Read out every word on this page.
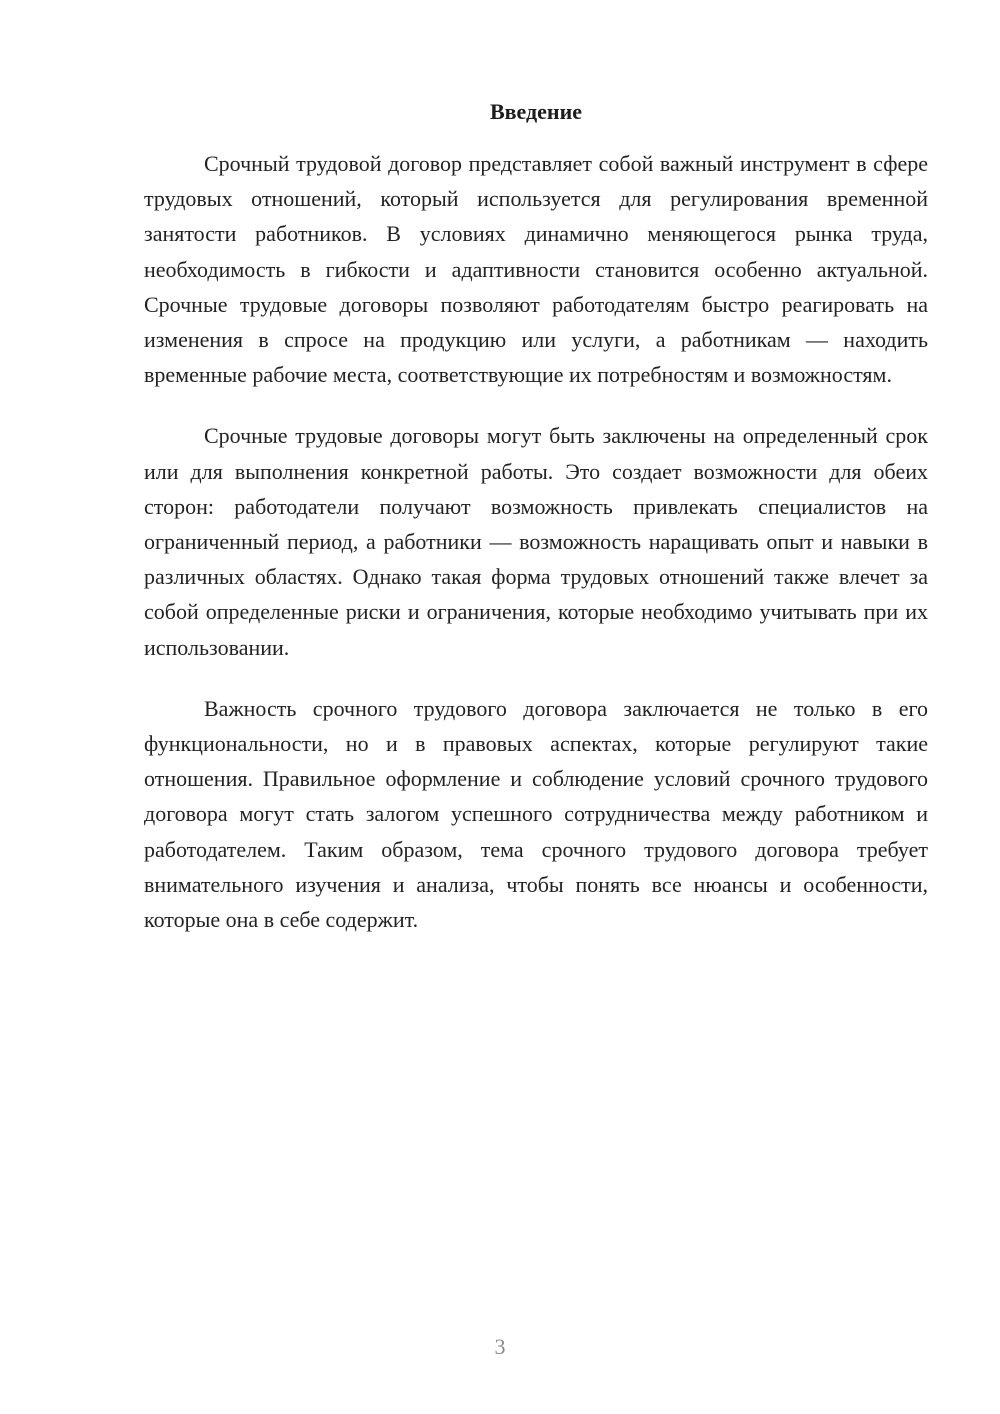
Введение

Срочный трудовой договор представляет собой важный инструмент в сфере трудовых отношений, который используется для регулирования временной занятости работников. В условиях динамично меняющегося рынка труда, необходимость в гибкости и адаптивности становится особенно актуальной. Срочные трудовые договоры позволяют работодателям быстро реагировать на изменения в спросе на продукцию или услуги, а работникам — находить временные рабочие места, соответствующие их потребностям и возможностям.

Срочные трудовые договоры могут быть заключены на определенный срок или для выполнения конкретной работы. Это создает возможности для обеих сторон: работодатели получают возможность привлекать специалистов на ограниченный период, а работники — возможность наращивать опыт и навыки в различных областях. Однако такая форма трудовых отношений также влечет за собой определенные риски и ограничения, которые необходимо учитывать при их использовании.

Важность срочного трудового договора заключается не только в его функциональности, но и в правовых аспектах, которые регулируют такие отношения. Правильное оформление и соблюдение условий срочного трудового договора могут стать залогом успешного сотрудничества между работником и работодателем. Таким образом, тема срочного трудового договора требует внимательного изучения и анализа, чтобы понять все нюансы и особенности, которые она в себе содержит.

3
